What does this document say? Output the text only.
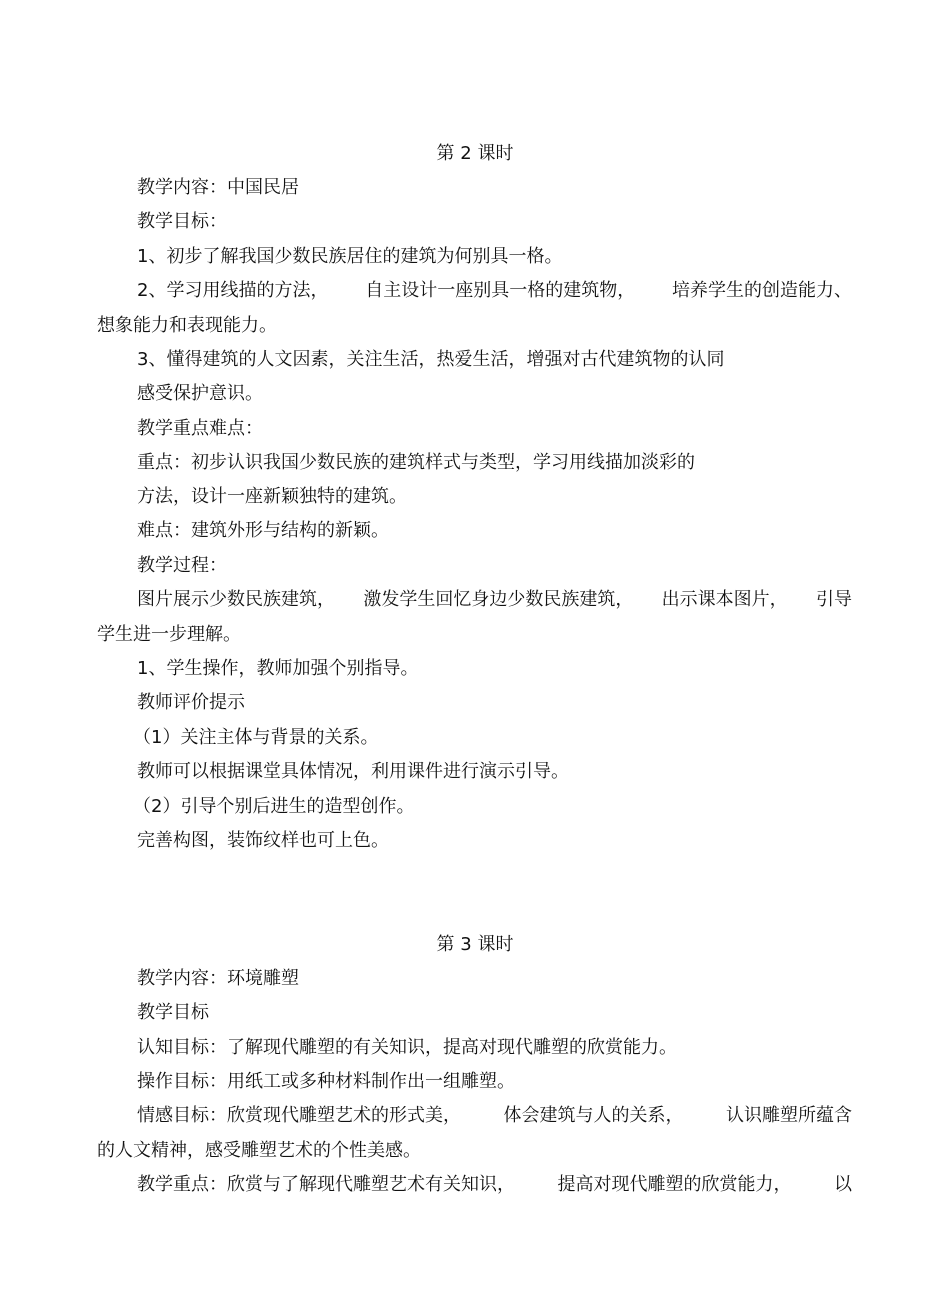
第 2 课时
教学内容：中国民居
教学目标：
1、初步了解我国少数民族居住的建筑为何别具一格。
2、学习用线描的方法， 自主设计一座别具一格的建筑物， 培养学生的创造能力、
想象能力和表现能力。
3、懂得建筑的人文因素，关注生活，热爱生活，增强对古代建筑物的认同
感受保护意识。
教学重点难点：
重点：初步认识我国少数民族的建筑样式与类型，学习用线描加淡彩的
方法，设计一座新颖独特的建筑。
难点：建筑外形与结构的新颖。
教学过程：
图片展示少数民族建筑， 激发学生回忆身边少数民族建筑， 出示课本图片， 引导
学生进一步理解。
1、学生操作，教师加强个别指导。
教师评价提示
（1）关注主体与背景的关系。
教师可以根据课堂具体情况，利用课件进行演示引导。
（2）引导个别后进生的造型创作。
完善构图，装饰纹样也可上色。
第 3 课时
教学内容：环境雕塑
教学目标
认知目标：了解现代雕塑的有关知识，提高对现代雕塑的欣赏能力。
操作目标：用纸工或多种材料制作出一组雕塑。
情感目标：欣赏现代雕塑艺术的形式美， 体会建筑与人的关系， 认识雕塑所蕴含
的人文精神，感受雕塑艺术的个性美感。
教学重点：欣赏与了解现代雕塑艺术有关知识， 提高对现代雕塑的欣赏能力， 以
